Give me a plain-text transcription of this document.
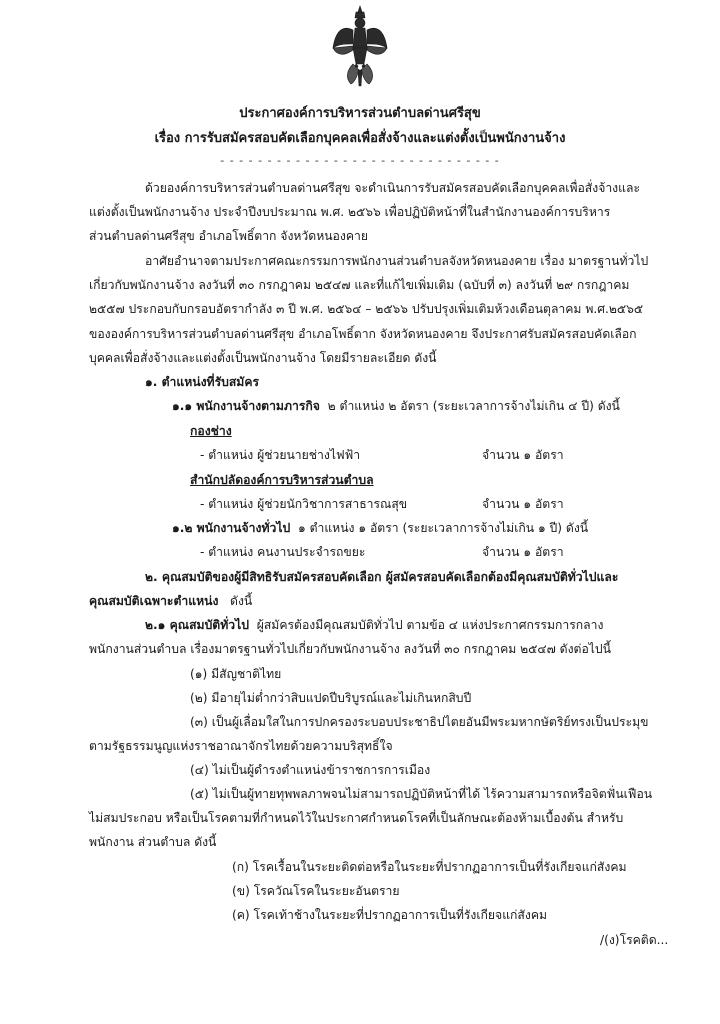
ประกาศองค์การบริหารส่วนตำบลด่านศรีสุข
เรื่อง การรับสมัครสอบคัดเลือกบุคคลเพื่อสั่งจ้างและแต่งตั้งเป็นพนักงานจ้าง
- - - - - - - - - - - - - - - - - - - - - - - - - - - - - -
ด้วยองค์การบริหารส่วนตำบลด่านศรีสุข จะดำเนินการรับสมัครสอบคัดเลือกบุคคลเพื่อสั่งจ้างและ
แต่งตั้งเป็นพนักงานจ้าง ประจำปีงบประมาณ พ.ศ. ๒๕๖๖ เพื่อปฏิบัติหน้าที่ในสำนักงานองค์การบริหาร
ส่วนตำบลด่านศรีสุข อำเภอโพธิ์ตาก จังหวัดหนองคาย
อาศัยอำนาจตามประกาศคณะกรรมการพนักงานส่วนตำบลจังหวัดหนองคาย เรื่อง มาตรฐานทั่วไป
เกี่ยวกับพนักงานจ้าง ลงวันที่ ๓๐ กรกฎาคม ๒๕๔๗ และที่แก้ไขเพิ่มเติม (ฉบับที่ ๓) ลงวันที่ ๒๙ กรกฎาคม
๒๕๕๗ ประกอบกับกรอบอัตรากำลัง ๓ ปี พ.ศ. ๒๕๖๔ – ๒๕๖๖ ปรับปรุงเพิ่มเติมห้วงเดือนตุลาคม พ.ศ.๒๕๖๕
ขององค์การบริหารส่วนตำบลด่านศรีสุข อำเภอโพธิ์ตาก จังหวัดหนองคาย จึงประกาศรับสมัครสอบคัดเลือก
บุคคลเพื่อสั่งจ้างและแต่งตั้งเป็นพนักงานจ้าง โดยมีรายละเอียด ดังนี้
๑. ตำแหน่งที่รับสมัคร
๑.๑ พนักงานจ้างตามภารกิจ ๒ ตำแหน่ง ๒ อัตรา (ระยะเวลาการจ้างไม่เกิน ๔ ปี) ดังนี้
กองช่าง
- ตำแหน่ง ผู้ช่วยนายช่างไฟฟ้า	จำนวน ๑ อัตรา
สำนักปลัดองค์การบริหารส่วนตำบล
- ตำแหน่ง ผู้ช่วยนักวิชาการสาธารณสุข	จำนวน ๑ อัตรา
๑.๒ พนักงานจ้างทั่วไป ๑ ตำแหน่ง ๑ อัตรา (ระยะเวลาการจ้างไม่เกิน ๑ ปี) ดังนี้
- ตำแหน่ง คนงานประจำรถขยะ	จำนวน ๑ อัตรา
๒. คุณสมบัติของผู้มีสิทธิรับสมัครสอบคัดเลือก ผู้สมัครสอบคัดเลือกต้องมีคุณสมบัติทั่วไปและ
คุณสมบัติเฉพาะตำแหน่ง ดังนี้
๒.๑ คุณสมบัติทั่วไป ผู้สมัครต้องมีคุณสมบัติทั่วไป ตามข้อ ๔ แห่งประกาศกรรมการกลาง
พนักงานส่วนตำบล เรื่องมาตรฐานทั่วไปเกี่ยวกับพนักงานจ้าง ลงวันที่ ๓๐ กรกฎาคม ๒๕๔๗ ดังต่อไปนี้
(๑) มีสัญชาติไทย
(๒) มีอายุไม่ต่ำกว่าสิบแปดปีบริบูรณ์และไม่เกินหกสิบปี
(๓) เป็นผู้เลื่อมใสในการปกครองระบอบประชาธิปไตยอันมีพระมหากษัตริย์ทรงเป็นประมุข
ตามรัฐธรรมนูญแห่งราชอาณาจักรไทยด้วยความบริสุทธิ์ใจ
(๔) ไม่เป็นผู้ดำรงตำแหน่งข้าราชการการเมือง
(๕) ไม่เป็นผู้ทายทุพพลภาพจนไม่สามารถปฏิบัติหน้าที่ได้ ไร้ความสามารถหรือจิตฟั่นเฟือน
ไม่สมประกอบ หรือเป็นโรคตามที่กำหนดไว้ในประกาศกำหนดโรคที่เป็นลักษณะต้องห้ามเบื้องต้น สำหรับ
พนักงาน ส่วนตำบล ดังนี้
(ก) โรคเรื้อนในระยะติดต่อหรือในระยะที่ปรากฏอาการเป็นที่รังเกียจแก่สังคม
(ข) โรควัณโรคในระยะอันตราย
(ค) โรคเท้าช้างในระยะที่ปรากฏอาการเป็นที่รังเกียจแก่สังคม
/(ง)โรคติด...
